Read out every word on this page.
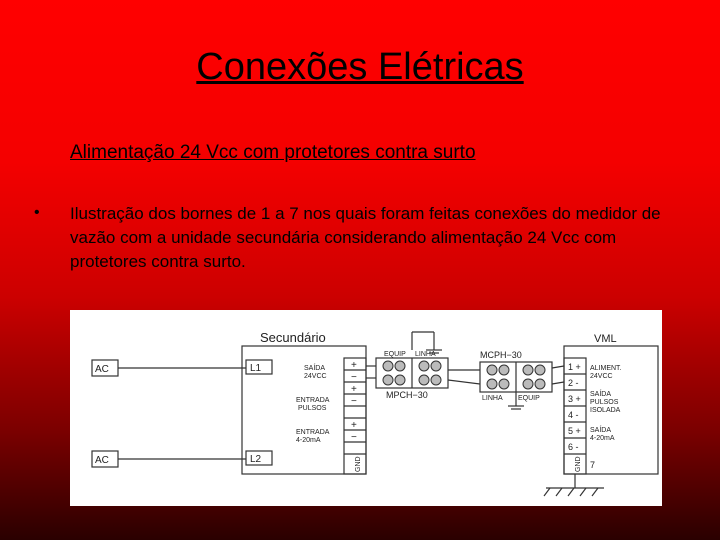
Conexões Elétricas
Alimentação 24 Vcc com protetores contra surto
• Ilustração dos bornes de 1 a 7 nos quais foram feitas conexões do medidor de vazão com a unidade secundária considerando alimentação 24 Vcc com protetores contra surto.
Secundário	VML
AC
AC
L1
L2
SAÍDA
24VCC
ENTRADA
PULSOS
ENTRADA
4-20mA
+
−
+
−
+
−
GND
EQUIP LINHA
MPCH−30
MCPH−30
LINHA EQUIP
1 +
2 -
3 +
4 -
5 +
6 -
7
GND
ALIMENT.
24VCC
SAÍDA
PULSOS
ISOLADA
SAÍDA
4-20mA
